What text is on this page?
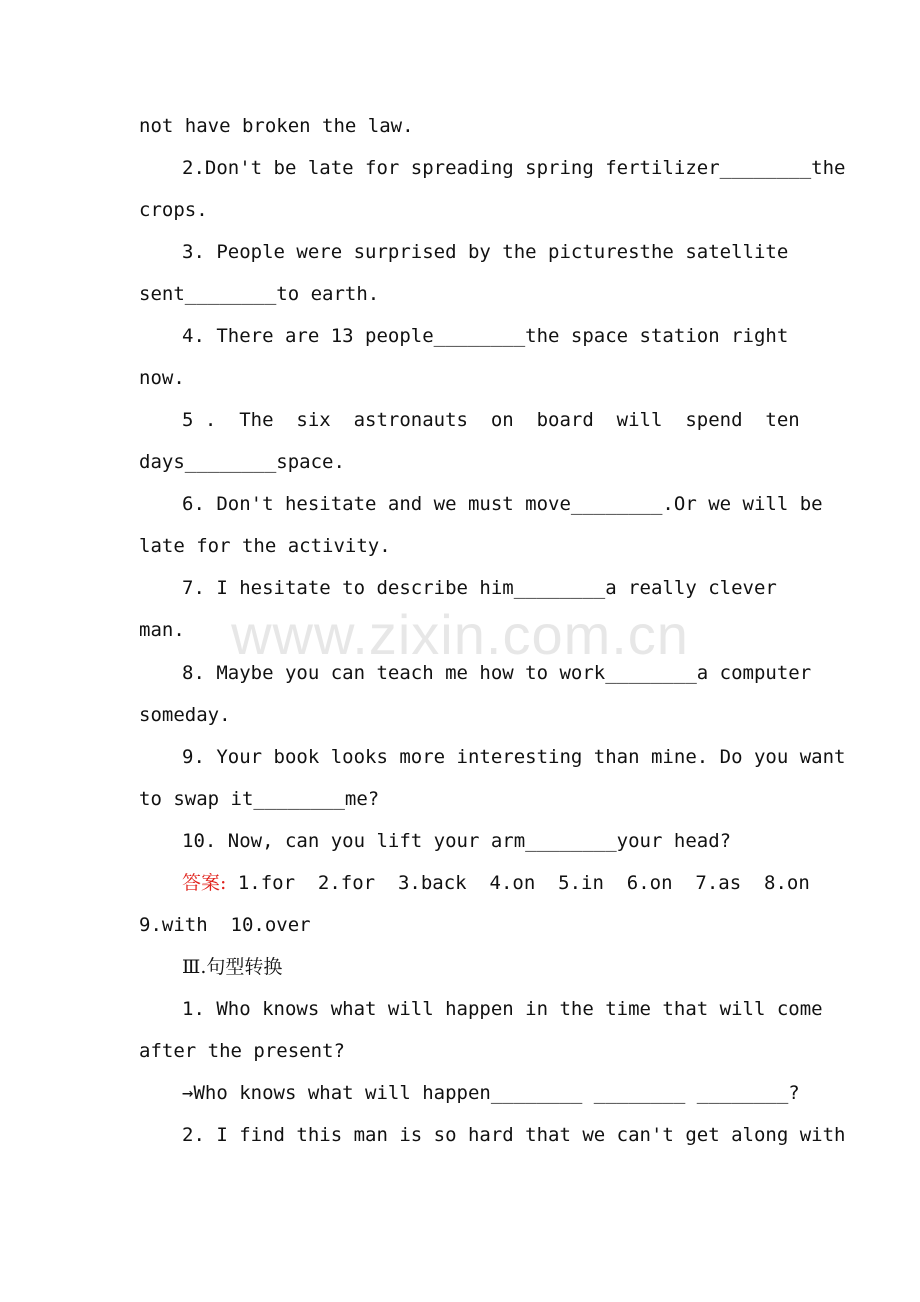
www.zixin.com.cn
not have broken the law.
2.Don't be late for spreading spring fertilizer________the
crops.
3. People were surprised by the picturesthe satellite
sent________to earth.
4. There are 13 people________the space station right
now.
5 .  The  six  astronauts  on  board  will  spend  ten
days________space.
6. Don't hesitate and we must move________.Or we will be
late for the activity.
7. I hesitate to describe him________a really clever
man.
8. Maybe you can teach me how to work________a computer
someday.
9. Your book looks more interesting than mine. Do you want
to swap it________me?
10. Now, can you lift your arm________your head?
答案: 1.for  2.for  3.back  4.on  5.in  6.on  7.as  8.on
9.with  10.over
Ⅲ.句型转换
1. Who knows what will happen in the time that will come
after the present?
→Who knows what will happen________ ________ ________?
2. I find this man is so hard that we can't get along with
